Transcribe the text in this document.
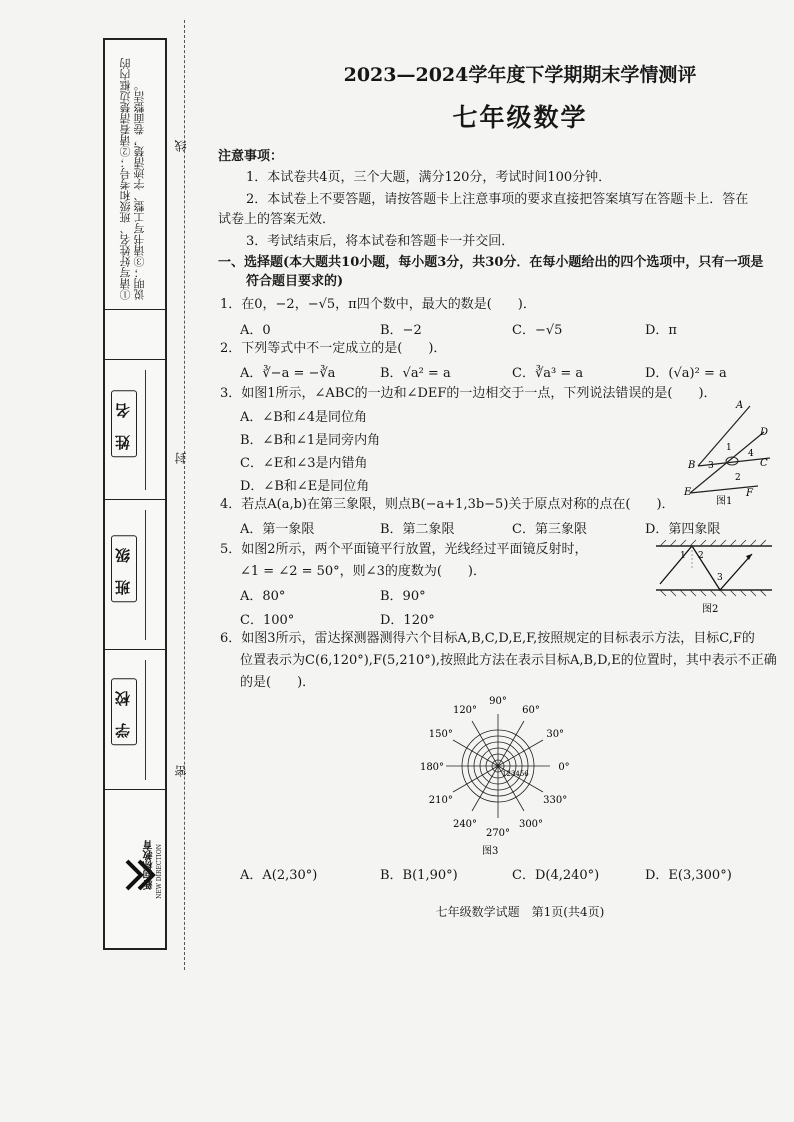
①请写好姓名、班级和考号；②请看清楚边框内的说明；③请书写工整、字迹清楚，卷面整洁。
姓 名
班 级
学 校
新向标教育 NEW DIRECTION
线
封
密
2023—2024学年度下学期期末学情测评
七年级数学
注意事项：
1．本试卷共4页，三个大题，满分120分，考试时间100分钟．
2．本试卷上不要答题，请按答题卡上注意事项的要求直接把答案填写在答题卡上．答在
试卷上的答案无效．
3．考试结束后，将本试卷和答题卡一并交回．
一、选择题(本大题共10小题，每小题3分，共30分．在每小题给出的四个选项中，只有一项是
符合题目要求的)
1．在0，−2，−√5，π四个数中，最大的数是(　　)．
A．0	B．−2	C．−√5	D．π
2．下列等式中不一定成立的是(　　)．
A．∛−a = −∛a	B．√a² = a	C．∛a³ = a	D．(√a)² = a
3．如图1所示，∠ABC的一边和∠DEF的一边相交于一点，下列说法错误的是(　　)．
A．∠B和∠4是同位角
B．∠B和∠1是同旁内角
C．∠E和∠3是内错角
D．∠B和∠E是同位角
A
D
C
B
E	F
1
2
3
4
图1
4．若点A(a,b)在第三象限，则点B(−a+1,3b−5)关于原点对称的点在(　　)．
A．第一象限	B．第二象限	C．第三象限	D．第四象限
5．如图2所示，两个平面镜平行放置，光线经过平面镜反射时，
∠1 = ∠2 = 50°，则∠3的度数为(　　)．
A．80°	B．90°
C．100°	D．120°
1 2
3
图2
6．如图3所示，雷达探测器测得六个目标A,B,C,D,E,F,按照规定的目标表示方法，目标C,F的
位置表示为C(6,120°),F(5,210°),按照此方法在表示目标A,B,D,E的位置时，其中表示不正确
的是(　　)．
0°
30°
60°
90°
120°
150°
180°
210°
240°
270°
300°
330°
123456
图3
A．A(2,30°)	B．B(1,90°)	C．D(4,240°)	D．E(3,300°)
七年级数学试题　第1页(共4页)
